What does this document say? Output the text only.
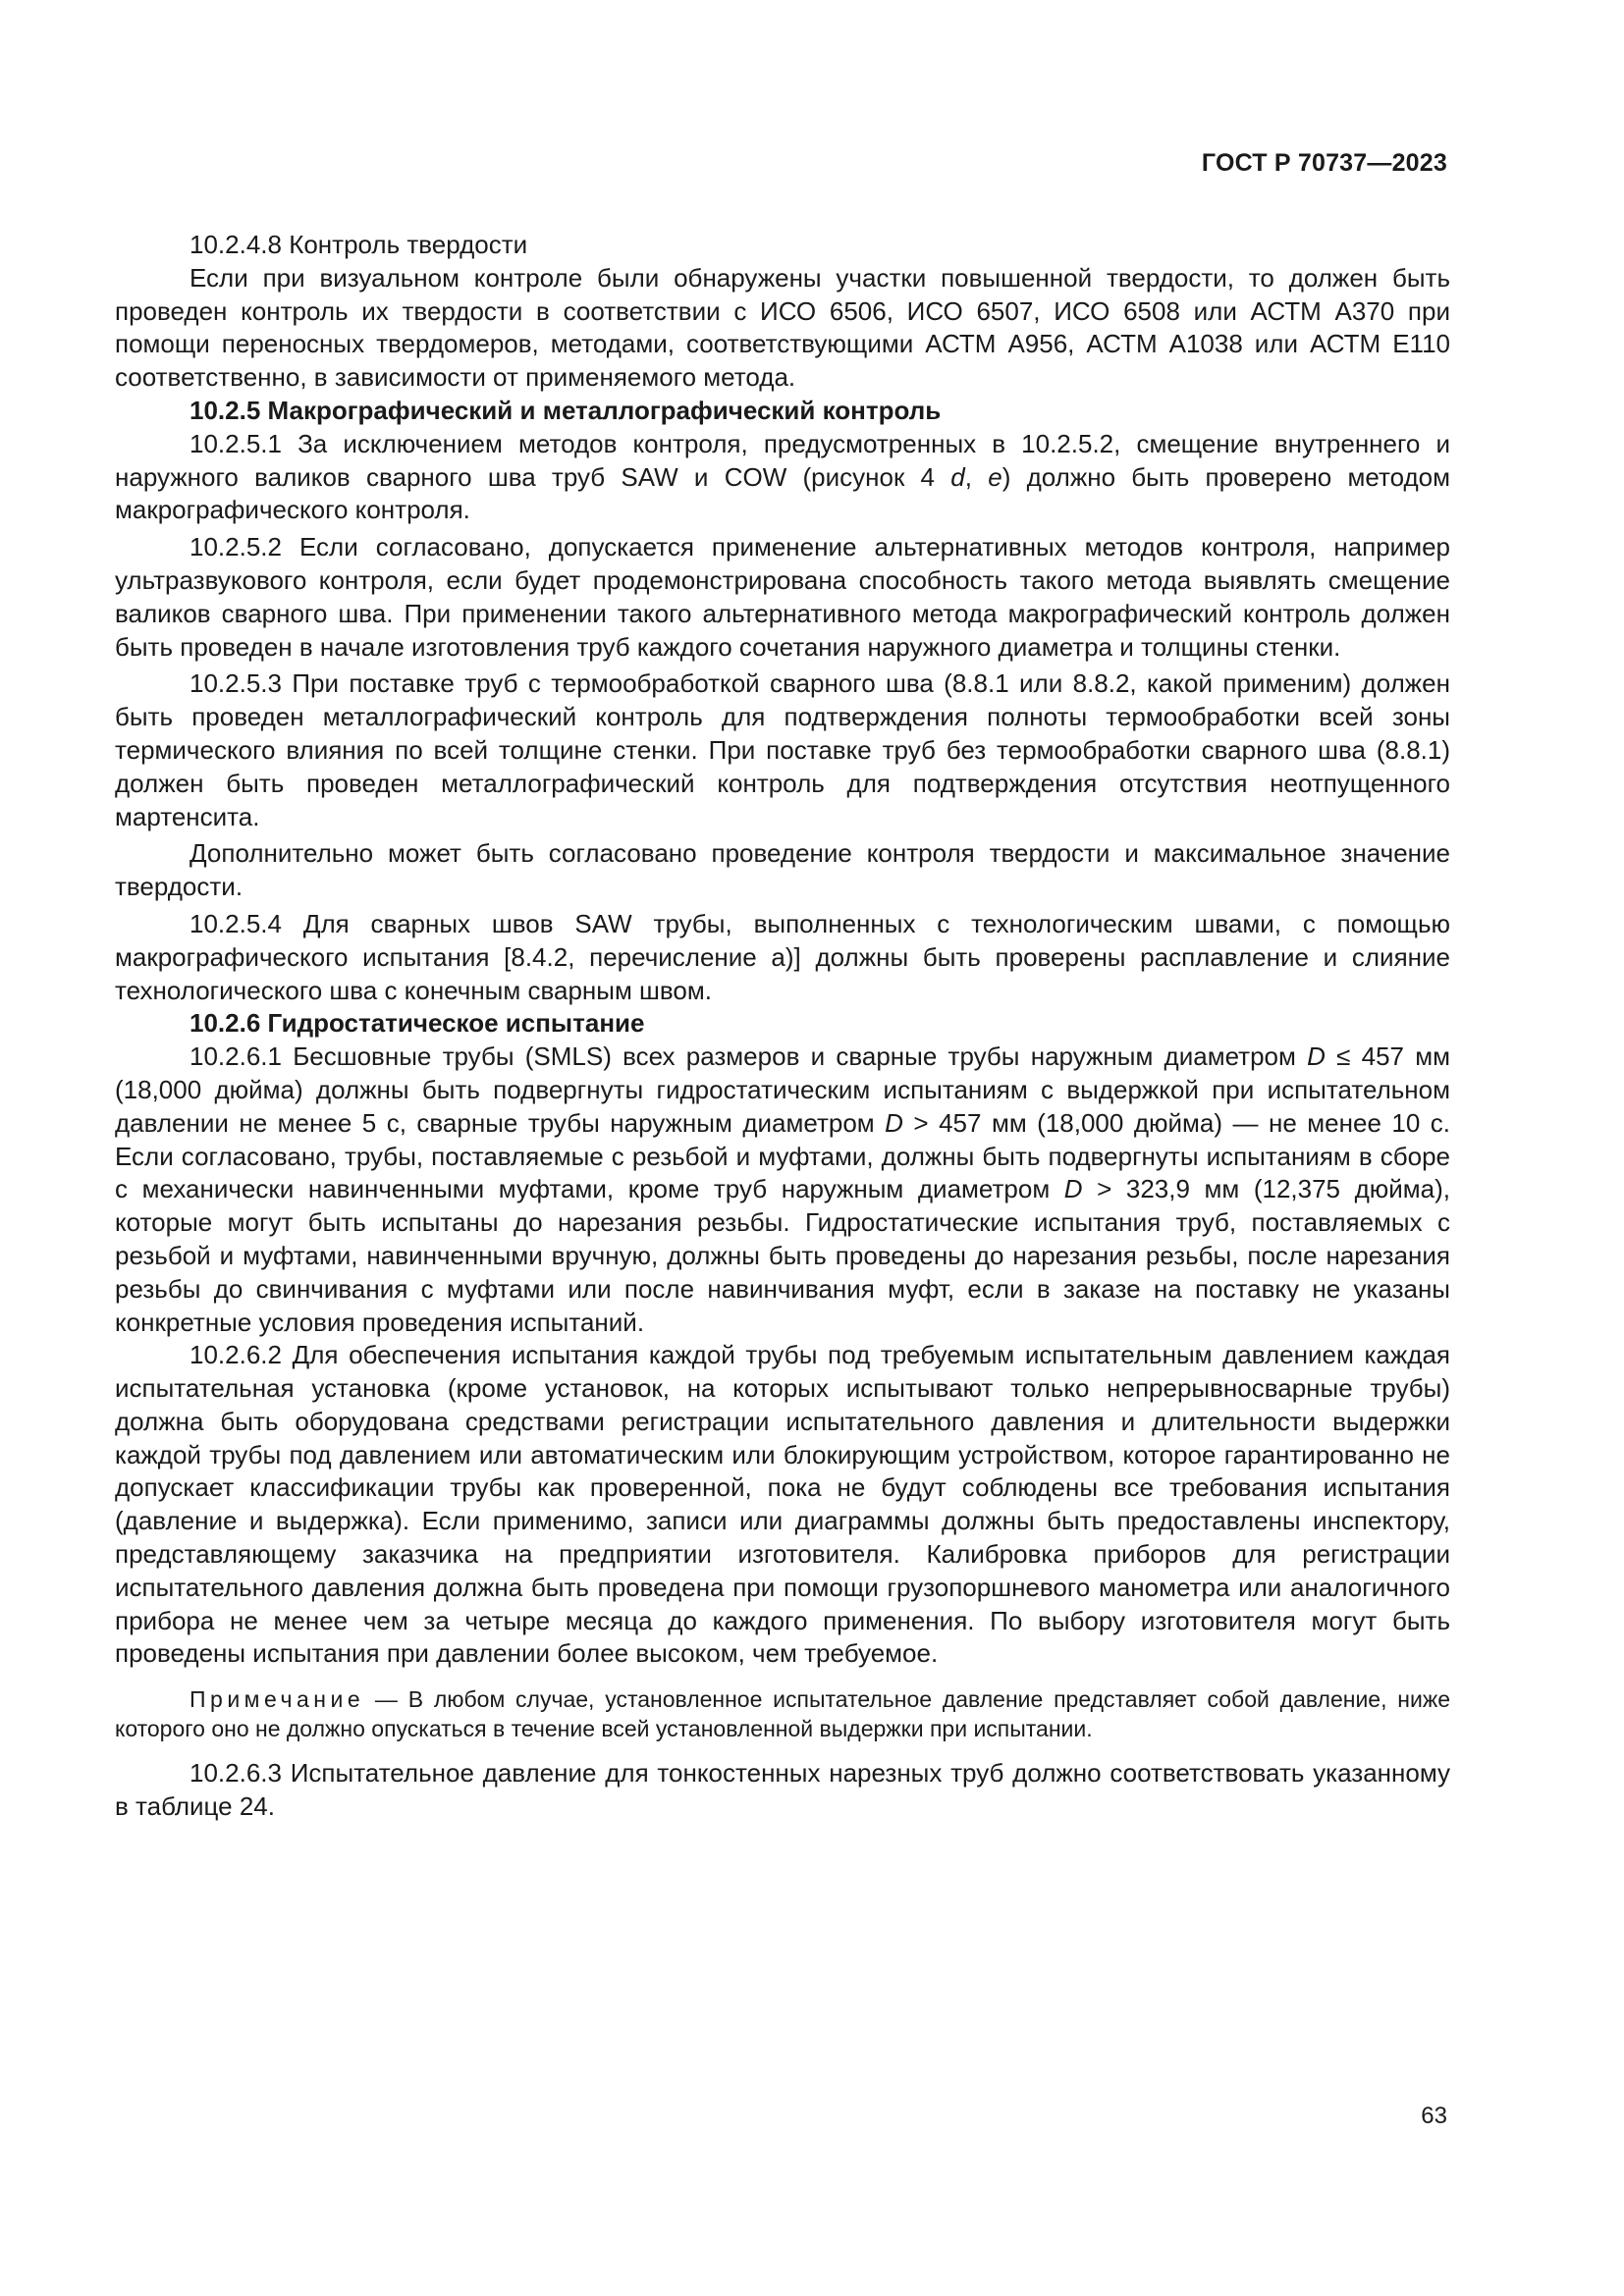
ГОСТ Р 70737—2023

10.2.4.8 Контроль твердости

Если при визуальном контроле были обнаружены участки повышенной твердости, то должен быть проведен контроль их твердости в соответствии с ИСО 6506, ИСО 6507, ИСО 6508 или АСТМ А370 при помощи переносных твердомеров, методами, соответствующими АСТМ А956, АСТМ А1038 или АСТМ Е110 соответственно, в зависимости от применяемого метода.

10.2.5 Макрографический и металлографический контроль

10.2.5.1 За исключением методов контроля, предусмотренных в 10.2.5.2, смещение внутреннего и наружного валиков сварного шва труб SAW и COW (рисунок 4 d, e) должно быть проверено методом макрографического контроля.

10.2.5.2 Если согласовано, допускается применение альтернативных методов контроля, например ультразвукового контроля, если будет продемонстрирована способность такого метода выявлять смещение валиков сварного шва. При применении такого альтернативного метода макрографический контроль должен быть проведен в начале изготовления труб каждого сочетания наружного диаметра и толщины стенки.

10.2.5.3 При поставке труб с термообработкой сварного шва (8.8.1 или 8.8.2, какой применим) должен быть проведен металлографический контроль для подтверждения полноты термообработки всей зоны термического влияния по всей толщине стенки. При поставке труб без термообработки сварного шва (8.8.1) должен быть проведен металлографический контроль для подтверждения отсутствия неотпущенного мартенсита.

Дополнительно может быть согласовано проведение контроля твердости и максимальное значение твердости.

10.2.5.4 Для сварных швов SAW трубы, выполненных с технологическим швами, с помощью макрографического испытания [8.4.2, перечисление а)] должны быть проверены расплавление и слияние технологического шва с конечным сварным швом.

10.2.6 Гидростатическое испытание

10.2.6.1 Бесшовные трубы (SMLS) всех размеров и сварные трубы наружным диаметром D ≤ 457 мм (18,000 дюйма) должны быть подвергнуты гидростатическим испытаниям с выдержкой при испытательном давлении не менее 5 с, сварные трубы наружным диаметром D > 457 мм (18,000 дюйма) — не менее 10 с. Если согласовано, трубы, поставляемые с резьбой и муфтами, должны быть подвергнуты испытаниям в сборе с механически навинченными муфтами, кроме труб наружным диаметром D > 323,9 мм (12,375 дюйма), которые могут быть испытаны до нарезания резьбы. Гидростатические испытания труб, поставляемых с резьбой и муфтами, навинченными вручную, должны быть проведены до нарезания резьбы, после нарезания резьбы до свинчивания с муфтами или после навинчивания муфт, если в заказе на поставку не указаны конкретные условия проведения испытаний.

10.2.6.2 Для обеспечения испытания каждой трубы под требуемым испытательным давлением каждая испытательная установка (кроме установок, на которых испытывают только непрерывносварные трубы) должна быть оборудована средствами регистрации испытательного давления и длительности выдержки каждой трубы под давлением или автоматическим или блокирующим устройством, которое гарантированно не допускает классификации трубы как проверенной, пока не будут соблюдены все требования испытания (давление и выдержка). Если применимо, записи или диаграммы должны быть предоставлены инспектору, представляющему заказчика на предприятии изготовителя. Калибровка приборов для регистрации испытательного давления должна быть проведена при помощи грузопоршневого манометра или аналогичного прибора не менее чем за четыре месяца до каждого применения. По выбору изготовителя могут быть проведены испытания при давлении более высоком, чем требуемое.

Примечание — В любом случае, установленное испытательное давление представляет собой давление, ниже которого оно не должно опускаться в течение всей установленной выдержки при испытании.

10.2.6.3 Испытательное давление для тонкостенных нарезных труб должно соответствовать указанному в таблице 24.

63
